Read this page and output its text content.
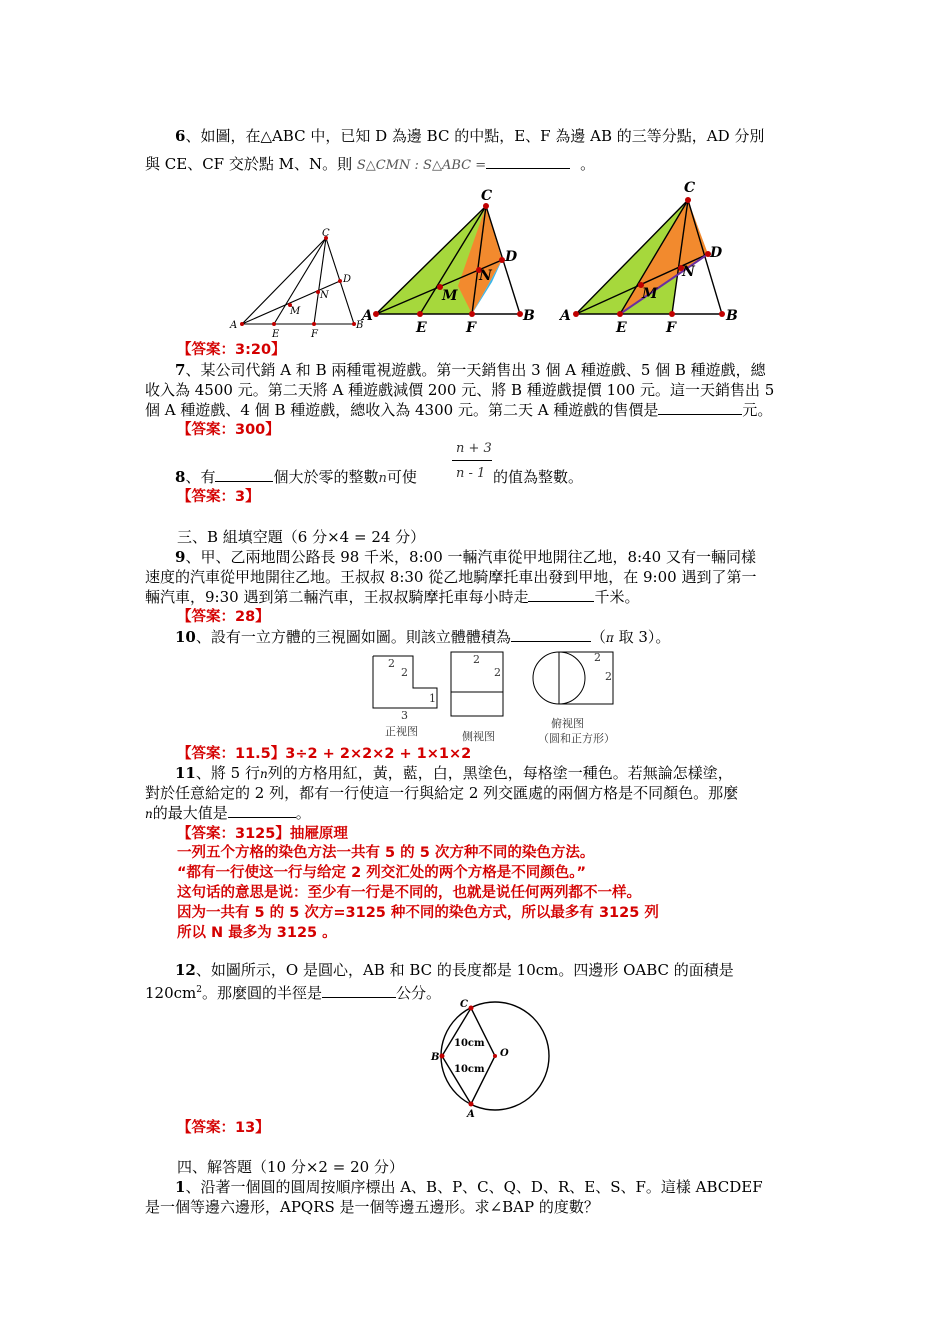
6、如圖，在△ABC 中，已知 D 為邊 BC 的中點，E、F 為邊 AB 的三等分點，AD 分別
與 CE、CF 交於點 M、N。則 S△CMN : S△ABC =	。
C
D
N
M
A
E	F
B
C
D
N
M
A
E	F
B
C
D
N
M
A
E	F
B
【答案：3:20】
7、某公司代銷 A 和 B 兩種電視遊戲。第一天銷售出 3 個 A 種遊戲、5 個 B 種遊戲，總
收入為 4500 元。第二天將 A 種遊戲減價 200 元、將 B 種遊戲提價 100 元。這一天銷售出 5
個 A 種遊戲、4 個 B 種遊戲，總收入為 4300 元。第二天 A 種遊戲的售價是	元。
【答案：300】
n + 3
8、有	個大於零的整數n可使	n - 1 的值為整數。
【答案：3】
三、B 組填空題（6 分×4 = 24 分）
9、甲、乙兩地間公路長 98 千米，8:00 一輛汽車從甲地開往乙地，8:40 又有一輛同樣
速度的汽車從甲地開往乙地。王叔叔 8:30 從乙地騎摩托車出發到甲地，在 9:00 遇到了第一
輛汽車，9:30 遇到第二輛汽車，王叔叔騎摩托車每小時走	千米。
【答案：28】
10、設有一立方體的三視圖如圖。則該立體體積為	（π 取 3）。
2
2
1
3
正视图
2
2
侧视图
2
2
俯视图
（圆和正方形）
【答案：11.5】3÷2 + 2×2×2 + 1×1×2
11、將 5 行n列的方格用紅，黃，藍，白，黑塗色，每格塗一種色。若無論怎樣塗，
對於任意給定的 2 列，都有一行使這一行與給定 2 列交匯處的兩個方格是不同顏色。那麼
n的最大值是	。
【答案：3125】抽屜原理
一列五个方格的染色方法一共有 5 的 5 次方种不同的染色方法。
“都有一行使这一行与给定 2 列交汇处的两个方格是不同颜色。”
这句话的意思是说：至少有一行是不同的，也就是说任何两列都不一样。
因为一共有 5 的 5 次方=3125 种不同的染色方式，所以最多有 3125 列
所以 N 最多为 3125 。
12、如圖所示，O 是圓心，AB 和 BC 的長度都是 10cm。四邊形 OABC 的面積是
$120cm^2$。那麼圓的半徑是	公分。
C
B	O
A
10cm
10cm
【答案：13】
四、解答題（10 分×2 = 20 分）
1、沿著一個圓的圓周按順序標出 A、B、P、C、Q、D、R、E、S、F。這樣 ABCDEF
是一個等邊六邊形，APQRS 是一個等邊五邊形。求∠BAP 的度數？
